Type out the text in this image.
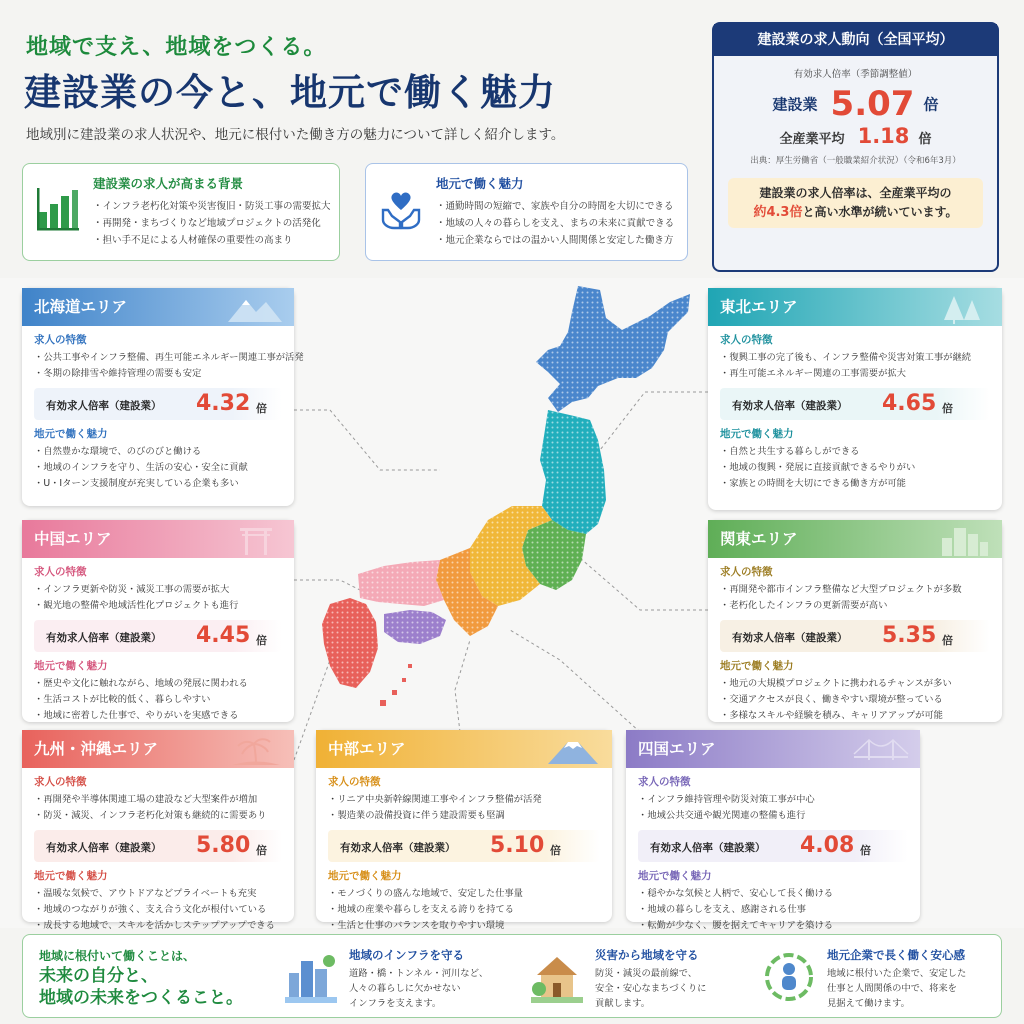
地域で支え、地域をつくる。
建設業の今と、地元で働く魅力
地域別に建設業の求人状況や、地元に根付いた働き方の魅力について詳しく紹介します。
建設業の求人が高まる背景
・ インフラ老朽化対策や災害復旧・防災工事の需要拡大
・ 再開発・まちづくりなど地域プロジェクトの活発化
・ 担い手不足による人材確保の重要性の高まり
地元で働く魅力
・ 通勤時間の短縮で、家族や自分の時間を大切にできる
・ 地域の人々の暮らしを支え、まちの未来に貢献できる
・ 地元企業ならではの温かい人間関係と安定した働き方
建設業の求人動向（全国平均）
有効求人倍率（季節調整値）
建設業 5.07 倍
全産業平均 1.18 倍
出典：厚生労働省（一般職業紹介状況）（令和6年3月）
建設業の求人倍率は、全産業平均の
約4.3倍と高い水準が続いています。
北海道エリア
求人の特徴
・ 公共工事やインフラ整備、再生可能エネルギー関連工事が活発
・ 冬期の除排雪や維持管理の需要も安定
有効求人倍率（建設業） 4.32 倍
地元で働く魅力
・ 自然豊かな環境で、のびのびと働ける
・ 地域のインフラを守り、生活の安心・安全に貢献
・ U・Iターン支援制度が充実している企業も多い
東北エリア
求人の特徴
・ 復興工事の完了後も、インフラ整備や災害対策工事が継続
・ 再生可能エネルギー関連の工事需要が拡大
有効求人倍率（建設業） 4.65 倍
地元で働く魅力
・ 自然と共生する暮らしができる
・ 地域の復興・発展に直接貢献できるやりがい
・ 家族との時間を大切にできる働き方が可能
中国エリア
求人の特徴
・ インフラ更新や防災・減災工事の需要が拡大
・ 観光地の整備や地域活性化プロジェクトも進行
有効求人倍率（建設業） 4.45 倍
地元で働く魅力
・ 歴史や文化に触れながら、地域の発展に関われる
・ 生活コストが比較的低く、暮らしやすい
・ 地域に密着した仕事で、やりがいを実感できる
関東エリア
求人の特徴
・ 再開発や都市インフラ整備など大型プロジェクトが多数
・ 老朽化したインフラの更新需要が高い
有効求人倍率（建設業） 5.35 倍
地元で働く魅力
・ 地元の大規模プロジェクトに携われるチャンスが多い
・ 交通アクセスが良く、働きやすい環境が整っている
・ 多様なスキルや経験を積み、キャリアアップが可能
九州・沖縄エリア
求人の特徴
・ 再開発や半導体関連工場の建設など大型案件が増加
・ 防災・減災、インフラ老朽化対策も継続的に需要あり
有効求人倍率（建設業） 5.80 倍
地元で働く魅力
・ 温暖な気候で、アウトドアなどプライベートも充実
・ 地域のつながりが強く、支え合う文化が根付いている
・ 成長する地域で、スキルを活かしステップアップできる
中部エリア
求人の特徴
・ リニア中央新幹線関連工事やインフラ整備が活発
・ 製造業の設備投資に伴う建設需要も堅調
有効求人倍率（建設業） 5.10 倍
地元で働く魅力
・ モノづくりの盛んな地域で、安定した仕事量
・ 地域の産業や暮らしを支える誇りを持てる
・ 生活と仕事のバランスを取りやすい環境
四国エリア
求人の特徴
・ インフラ維持管理や防災対策工事が中心
・ 地域公共交通や観光関連の整備も進行
有効求人倍率（建設業） 4.08 倍
地元で働く魅力
・ 穏やかな気候と人柄で、安心して長く働ける
・ 地域の暮らしを支え、感謝される仕事
・ 転勤が少なく、腰を据えてキャリアを築ける
地域に根付いて働くことは、
未来の自分と、
地域の未来をつくること。
地域のインフラを守る

道路・橋・トンネル・河川など、
人々の暮らしに欠かせない
インフラを支えます。

災害から地域を守る

防災・減災の最前線で、
安全・安心なまちづくりに
貢献します。

地元企業で長く働く安心感

地域に根付いた企業で、安定した
仕事と人間関係の中で、将来を
見据えて働けます。
